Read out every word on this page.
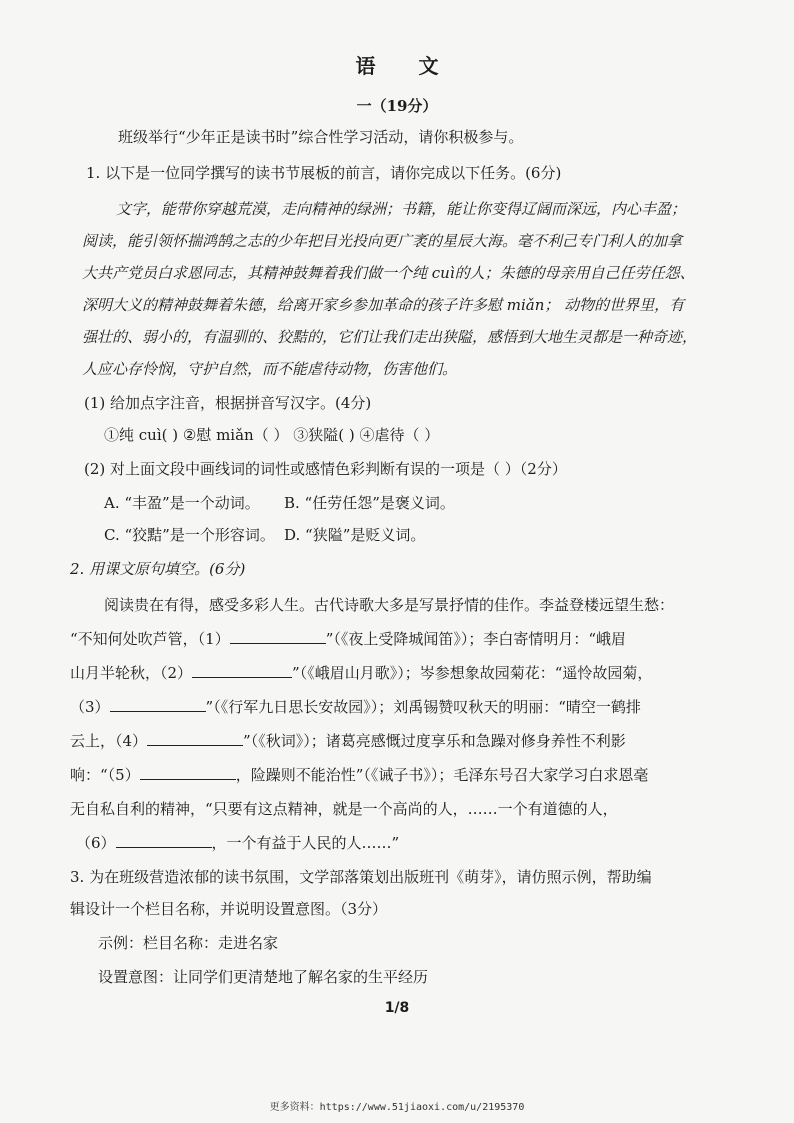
语 文
一（19分）
班级举行“少年正是读书时”综合性学习活动，请你积极参与。
1. 以下是一位同学撰写的读书节展板的前言，请你完成以下任务。(6分)
文字，能带你穿越荒漠，走向精神的绿洲；书籍，能让你变得辽阔而深远，内心丰盈；
阅读，能引领怀揣鸿鹄之志的少年把目光投向更广袤的星辰大海。毫不利己专门利人的加拿
大共产党员白求恩同志，其精神鼓舞着我们做一个纯 cuì的人；朱德的母亲用自己任劳任怨、
深明大义的精神鼓舞着朱德，给离开家乡参加革命的孩子许多慰 miǎn； 动物的世界里，有
强壮的、弱小的，有温驯的、狡黠的，它们让我们走出狭隘，感悟到大地生灵都是一种奇迹，
人应心存怜悯，守护自然，而不能虐待动物，伤害他们。
(1) 给加点字注音，根据拼音写汉字。(4分)
①纯 cuì( ) ②慰 miǎn（ ） ③狭隘( ) ④虐待（ ）
(2) 对上面文段中画线词的词性或感情色彩判断有误的一项是（ ）（2分）
A. “丰盈”是一个动词。 B. “任劳任怨”是褒义词。
C. “狡黠”是一个形容词。 D. “狭隘”是贬义词。
2. 用课文原句填空。(6分)
阅读贵在有得，感受多彩人生。古代诗歌大多是写景抒情的佳作。李益登楼远望生愁：
“不知何处吹芦管，（1）	”（《夜上受降城闻笛》）；李白寄情明月：“峨眉
山月半轮秋，（2）	”（《峨眉山月歌》）；岑参想象故园菊花：“遥怜故园菊，
（3）	”（《行军九日思长安故园》）；刘禹锡赞叹秋天的明丽：“晴空一鹤排
云上，（4）	”（《秋词》）；诸葛亮感慨过度享乐和急躁对修身养性不利影
响：“（5）	，险躁则不能治性”（《诫子书》）；毛泽东号召大家学习白求恩毫
无自私自利的精神，“只要有这点精神，就是一个高尚的人，……一个有道德的人，
（6）	，一个有益于人民的人……”
3. 为在班级营造浓郁的读书氛围，文学部落策划出版班刊《萌芽》，请仿照示例，帮助编
辑设计一个栏目名称，并说明设置意图。（3分）
示例：栏目名称：走进名家
设置意图：让同学们更清楚地了解名家的生平经历
1/8
更多资料：https://www.51jiaoxi.com/u/2195370
